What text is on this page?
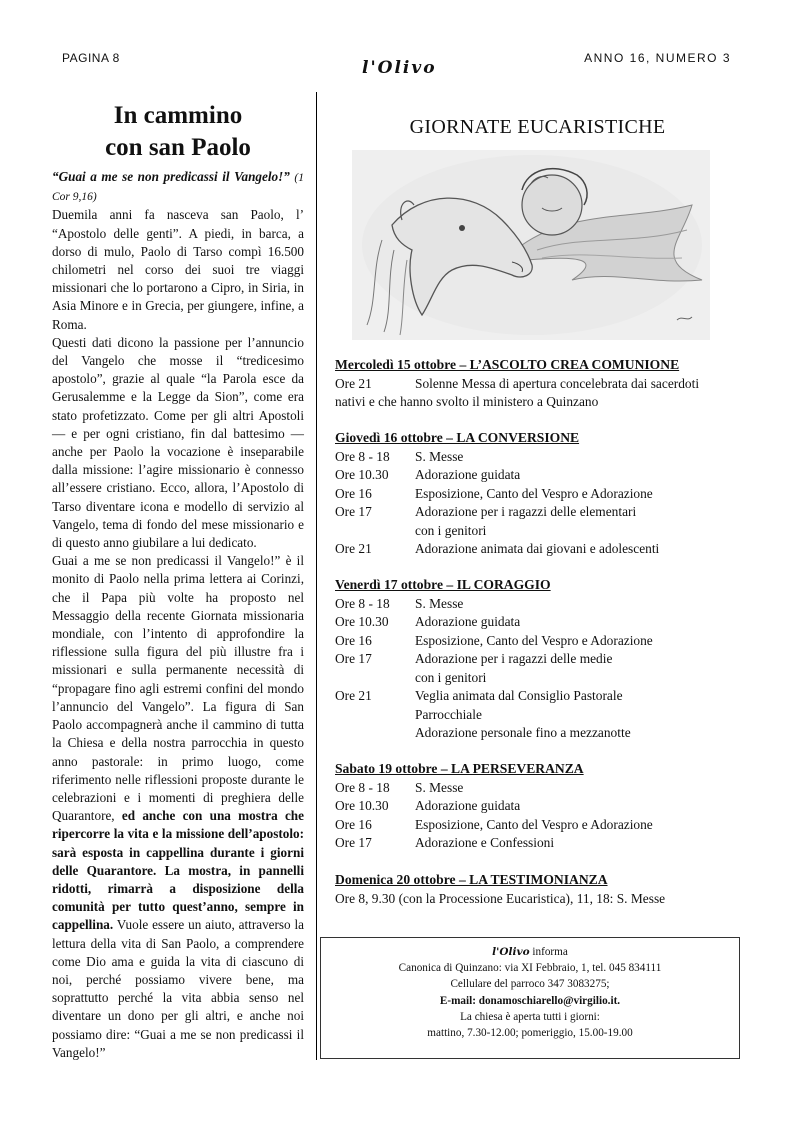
PAGINA 8	l'Olivo	ANNO 16, NUMERO 3
In cammino
con san Paolo

“Guai a me se non predicassi il Vangelo!” (1 Cor 9,16)

Duemila anni fa nasceva san Paolo, l’ “Apostolo delle genti”. A piedi, in barca, a dorso di mulo, Paolo di Tarso compì 16.500 chilometri nel corso dei suoi tre viaggi missionari che lo portarono a Cipro, in Siria, in Asia Minore e in Grecia, per giungere, infine, a Roma.

Questi dati dicono la passione per l’annuncio del Vangelo che mosse il “tredicesimo apostolo”, grazie al quale “la Parola esce da Gerusalemme e la Legge da Sion”, come era stato profetizzato. Come per gli altri Apostoli — e per ogni cristiano, fin dal battesimo — anche per Paolo la vocazione è inseparabile dalla missione: l’agire missionario è connesso all’essere cristiano. Ecco, allora, l’Apostolo di Tarso diventare icona e modello di servizio al Vangelo, tema di fondo del mese missionario e di questo anno giubilare a lui dedicato.

Guai a me se non predicassi il Vangelo!” è il monito di Paolo nella prima lettera ai Corinzi, che il Papa più volte ha proposto nel Messaggio della recente Giornata missionaria mondiale, con l’intento di approfondire la riflessione sulla figura del più illustre fra i missionari e sulla permanente necessità di “propagare fino agli estremi confini del mondo l’annuncio del Vangelo”. La figura di San Paolo accompagnerà anche il cammino di tutta la Chiesa e della nostra parrocchia in questo anno pastorale: in primo luogo, come riferimento nelle riflessioni proposte durante le celebrazioni e i momenti di preghiera delle Quarantore, ed anche con una mostra che ripercorre la vita e la missione dell’apostolo: sarà esposta in cappellina durante i giorni delle Quarantore. La mostra, in pannelli ridotti, rimarrà a disposizione della comunità per tutto quest’anno, sempre in cappellina. Vuole essere un aiuto, attraverso la lettura della vita di San Paolo, a comprendere come Dio ama e guida la vita di ciascuno di noi, perché possiamo vivere bene, ma soprattutto perché la vita abbia senso nel diventare un dono per gli altri, e anche noi possiamo dire: “Guai a me se non predicassi il Vangelo!”

GIORNATE EUCARISTICHE

Mercoledì 15 ottobre – L’ASCOLTO CREA COMUNIONE

Ore 21	Solenne Messa di apertura concelebrata dai sacerdoti

nativi e che hanno svolto il ministero a Quinzano

Giovedì 16 ottobre – LA CONVERSIONE

Ore 8 - 18	S. Messe
Ore 10.30	Adorazione guidata
Ore 16	Esposizione, Canto del Vespro e Adorazione
Ore 17	Adorazione per i ragazzi delle elementari
con i genitori
Ore 21	Adorazione animata dai giovani e adolescenti

Venerdì 17 ottobre – IL CORAGGIO

Ore 8 - 18	S. Messe
Ore 10.30	Adorazione guidata
Ore 16	Esposizione, Canto del Vespro e Adorazione
Ore 17	Adorazione per i ragazzi delle medie
con i genitori
Ore 21	Veglia animata dal Consiglio Pastorale
Parrocchiale
Adorazione personale fino a mezzanotte

Sabato 19 ottobre – LA PERSEVERANZA

Ore 8 - 18	S. Messe
Ore 10.30	Adorazione guidata
Ore 16	Esposizione, Canto del Vespro e Adorazione
Ore 17	Adorazione e Confessioni

Domenica 20 ottobre – LA TESTIMONIANZA

Ore 8, 9.30 (con la Processione Eucaristica), 11, 18: S. Messe

l'Olivo informa
Canonica di Quinzano: via XI Febbraio, 1, tel. 045 834111
Cellulare del parroco 347 3083275;
E-mail: donamoschiarello@virgilio.it.
La chiesa è aperta tutti i giorni:
mattino, 7.30-12.00; pomeriggio, 15.00-19.00
